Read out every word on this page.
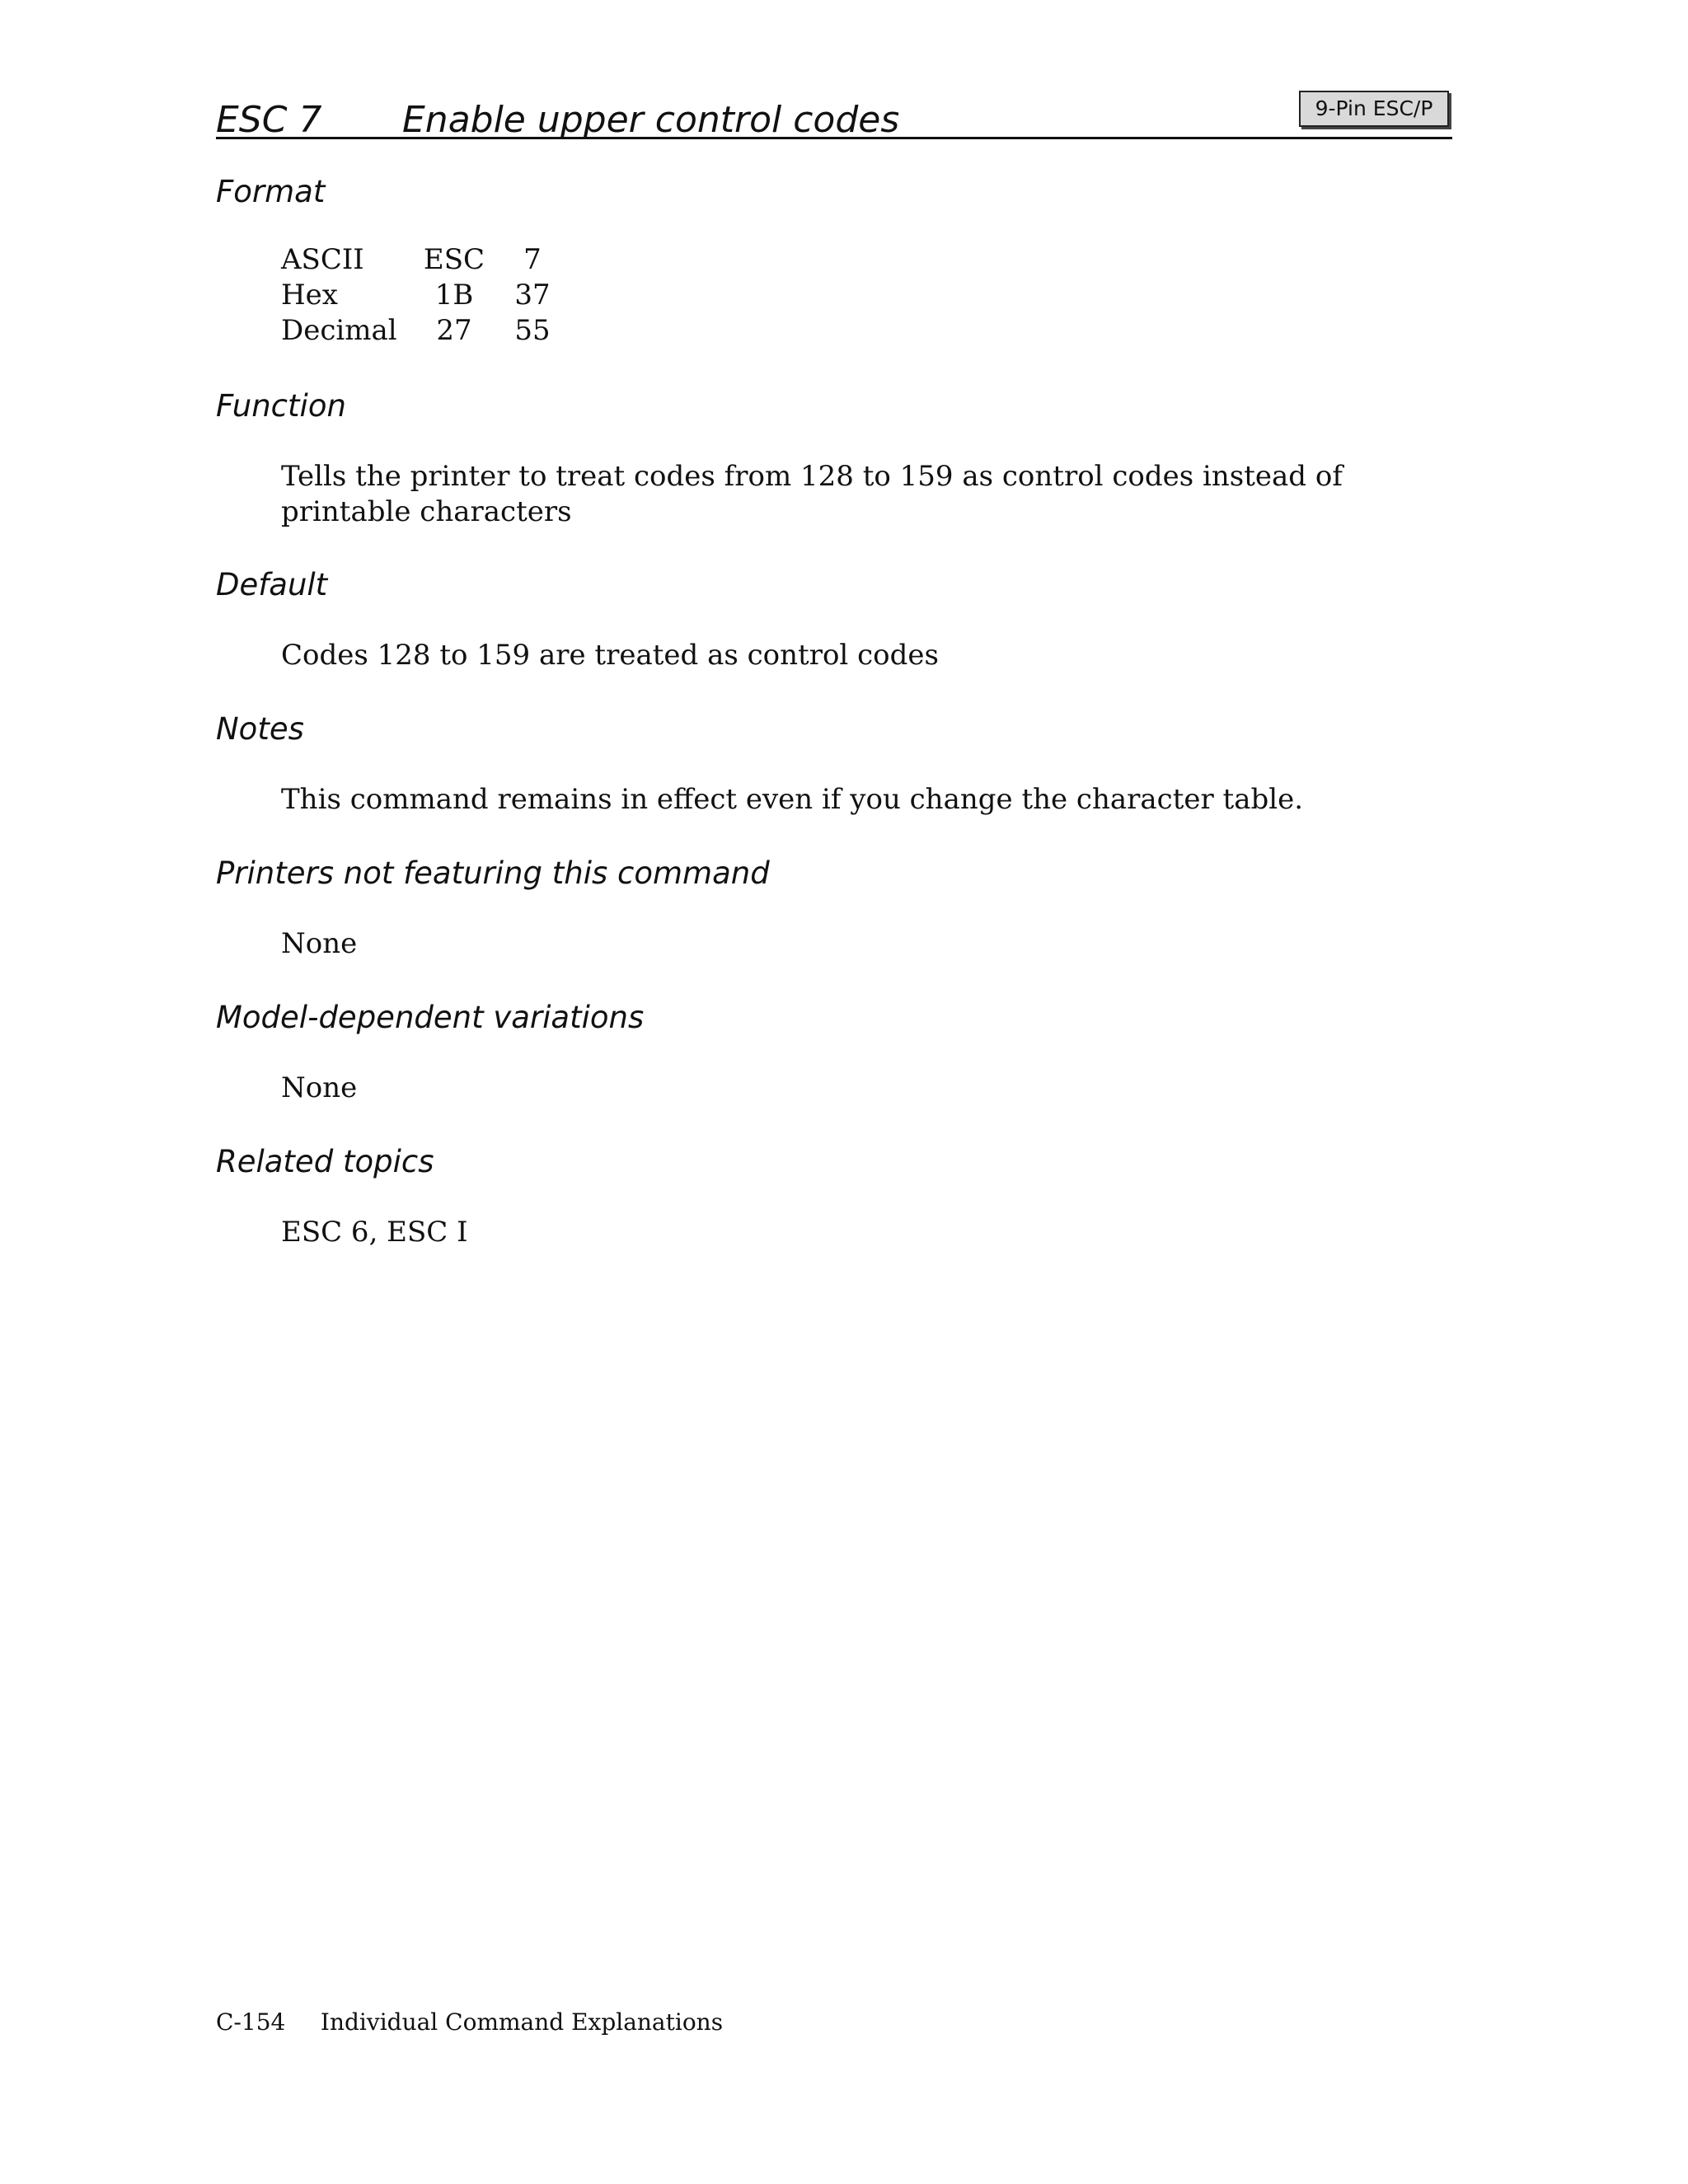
ESC 7 Enable upper control codes	9-Pin ESC/P
Format
ASCII	ESC	7
Hex	1B	37
Decimal	27	55
Function

Tells the printer to treat codes from 128 to 159 as control codes instead of printable characters

Default

Codes 128 to 159 are treated as control codes

Notes

This command remains in effect even if you change the character table.

Printers not featuring this command

None

Model-dependent variations

None

Related topics

ESC 6, ESC I

C-154 Individual Command Explanations
